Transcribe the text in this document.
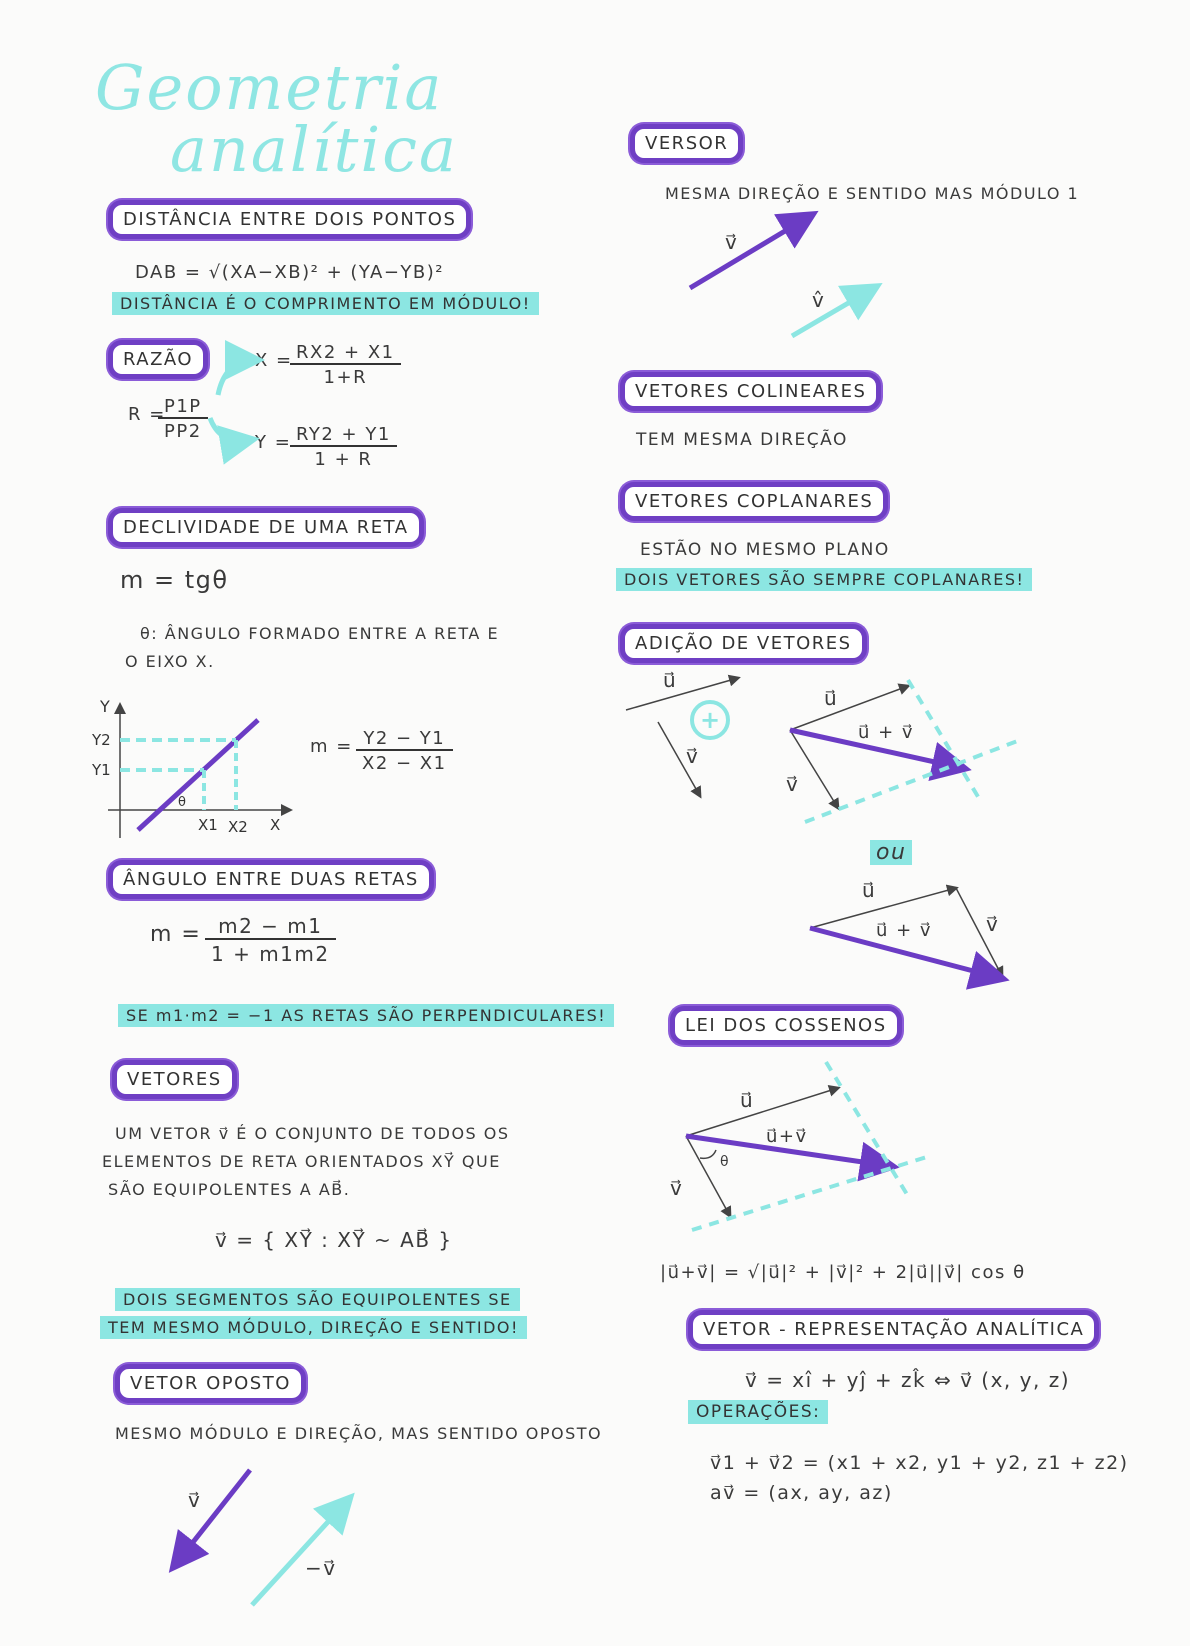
Geometria
analítica
DISTÂNCIA ENTRE DOIS PONTOS
DAB = √(XA−XB)² + (YA−YB)²
DISTÂNCIA É O COMPRIMENTO EM MÓDULO!
RAZÃO
R =
$\frac{P1P}{PP2}$
X =
$\frac{RX2 + X1}{1+R}$
Y =
$\frac{RY2 + Y1}{1 + R}$
DECLIVIDADE DE UMA RETA
m = tgθ
θ: ÂNGULO FORMADO ENTRE A RETA E
O EIXO X.
$m = \frac{Y2 - Y1}{X2 - X1}$
ÂNGULO ENTRE DUAS RETAS
$m = \frac{m2 - m1}{1 + m1m2}$
SE m1·m2 = −1 AS RETAS SÃO PERPENDICULARES!
VETORES
UM VETOR v⃗ É O CONJUNTO DE TODOS OS
ELEMENTOS DE RETA ORIENTADOS XY⃗ QUE
SÃO EQUIPOLENTES A AB⃗.
v⃗ = { XY⃗ : XY⃗ ~ AB⃗ }
DOIS SEGMENTOS SÃO EQUIPOLENTES SE
TEM MESMO MÓDULO, DIREÇÃO E SENTIDO!
VETOR OPOSTO
MESMO MÓDULO E DIREÇÃO, MAS SENTIDO OPOSTO
v⃗
−v⃗
VERSOR
MESMA DIREÇÃO E SENTIDO MAS MÓDULO 1
v⃗
v̂
VETORES COLINEARES
TEM MESMA DIREÇÃO
VETORES COPLANARES
ESTÃO NO MESMO PLANO
DOIS VETORES SÃO SEMPRE COPLANARES!
ADIÇÃO DE VETORES
u⃗
v⃗
u⃗
u⃗ + v⃗
v⃗
ou
u⃗
u⃗ + v⃗	v⃗
LEI DOS COSSENOS
u⃗
u⃗+v⃗
v⃗
θ
|u⃗+v⃗| = √|u⃗|² + |v⃗|² + 2|u⃗||v⃗| cos θ
VETOR - REPRESENTAÇÃO ANALÍTICA
v⃗ = xî + yĵ + zk̂ ⇔ v⃗ (x, y, z)
OPERAÇÕES:
v⃗1 + v⃗2 = (x1 + x2, y1 + y2, z1 + z2)
av⃗ = (ax, ay, az)
Y
Y2
Y1
X1 X2 X
θ
+
